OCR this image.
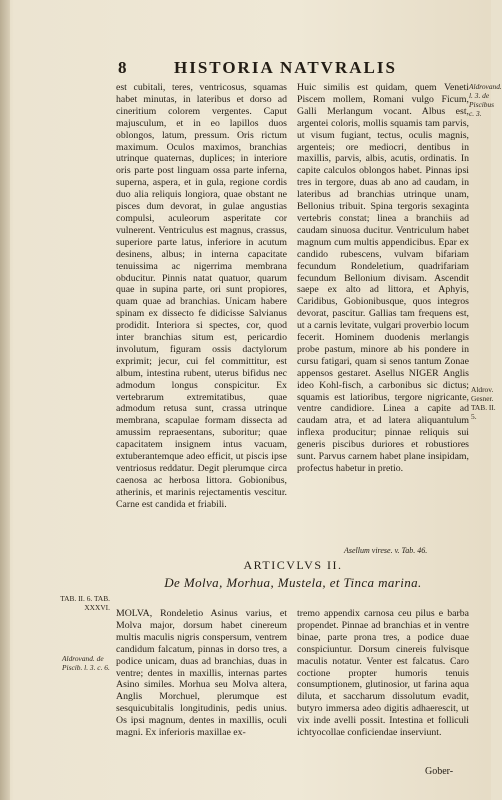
8	HISTORIA NATVRALIS
Aldrovand. l. 3. de Piscibus c. 3.
Aldrov. Gesner. TAB. II. 5.

est cubitali, teres, ventricosus, squamas habet minutas, in lateribus et dorso ad cineritium colorem vergentes. Caput majusculum, et in eo lapillos duos oblongos, latum, pressum. Oris rictum maximum. Oculos maximos, branchias utrinque quaternas, duplices; in interiore oris parte post linguam ossa parte inferna, superna, aspera, et in gula, regione cordis duo alia reliquis longiora, quae obstant ne pisces dum devorat, in gulae angustias compulsi, aculeorum asperitate cor vulnerent. Ventriculus est magnus, crassus, superiore parte latus, inferiore in acutum desinens, albus; in interna capacitate tenuissima ac nigerrima membrana obducitur. Pinnis natat quatuor, quarum quae in supina parte, ori sunt propiores, quam quae ad branchias. Unicam habere spinam ex dissecto fe didicisse Salvianus prodidit. Interiora si spectes, cor, quod inter branchias situm est, pericardio involutum, figuram ossis dactylorum exprimit; jecur, cui fel committitur, est album, intestina rubent, uterus bifidus nec admodum longus conspicitur. Ex vertebrarum extremitatibus, quae admodum retusa sunt, crassa utrinque membrana, scapulae formam dissecta ad amussim repraesentans, suboritur; quae capacitatem insignem intus vacuam, extuberantemque adeo efficit, ut piscis ipse ventriosus reddatur. Degit plerumque circa caenosa ac herbosa littora. Gobionibus, atherinis, et marinis rejectamentis vescitur. Carne est candida et friabili.

Huic similis est quidam, quem Veneti Piscem mollem, Romani vulgo Ficum, Galli Merlangum vocant. Albus est, argentei coloris, mollis squamis tam parvis, ut visum fugiant, tectus, oculis magnis, argenteis; ore mediocri, dentibus in maxillis, parvis, albis, acutis, ordinatis. In capite calculos oblongos habet. Pinnas ipsi tres in tergore, duas ab ano ad caudam, in lateribus ad branchias utrinque unam, Bellonius tribuit. Spina tergoris sexaginta vertebris constat; linea a branchiis ad caudam sinuosa ducitur. Ventriculum habet magnum cum multis appendicibus. Epar ex candido rubescens, vulvam bifariam fecundum Rondeletium, quadrifariam fecundum Bellonium divisam. Ascendit saepe ex alto ad littora, et Aphyis, Caridibus, Gobionibusque, quos integros devorat, pascitur. Gallias tam frequens est, ut a carnis levitate, vulgari proverbio locum fecerit. Hominem duodenis merlangis probe pastum, minore ab his pondere in cursu fatigari, quam si senos tantum Zonae appensos gestaret. Asellus NIGER Anglis ideo Kohl-fisch, a carbonibus sic dictus; squamis est latioribus, tergore nigricante, ventre candidiore. Linea a capite ad caudam atra, et ad latera aliquantulum inflexa producitur; pinnae reliquis sui generis piscibus duriores et robustiores sunt. Parvus carnem habet plane insipidam, profectus habetur in pretio.

Asellum virese. v. Tab. 46.
ARTICVLVS II.
De Molva, Morhua, Mustela, et Tinca marina.
TAB. II. 6. TAB. XXXVI.
Aldrovand. de Piscib. l. 3. c. 6.

MOLVA, Rondeletio Asinus varius, et Molva major, dorsum habet cinereum multis maculis nigris conspersum, ventrem candidum falcatum, pinnas in dorso tres, a podice unicam, duas ad branchias, duas in ventre; dentes in maxillis, internas partes Asino similes. Morhua seu Molva altera, Anglis Morchuel, plerumque est sesquicubitalis longitudinis, pedis unius. Os ipsi magnum, dentes in maxillis, oculi magni. Ex inferioris maxillae ex-

tremo appendix carnosa ceu pilus e barba propendet. Pinnae ad branchias et in ventre binae, parte prona tres, a podice duae conspiciuntur. Dorsum cinereis fulvisque maculis notatur. Venter est falcatus. Caro coctione propter humoris tenuis consumptionem, glutinosior, ut farina aqua diluta, et saccharum dissolutum evadit, butyro immersa adeo digitis adhaerescit, ut vix inde avelli possit. Intestina et folliculi ichtyocollae conficiendae inserviunt.

Gober-
